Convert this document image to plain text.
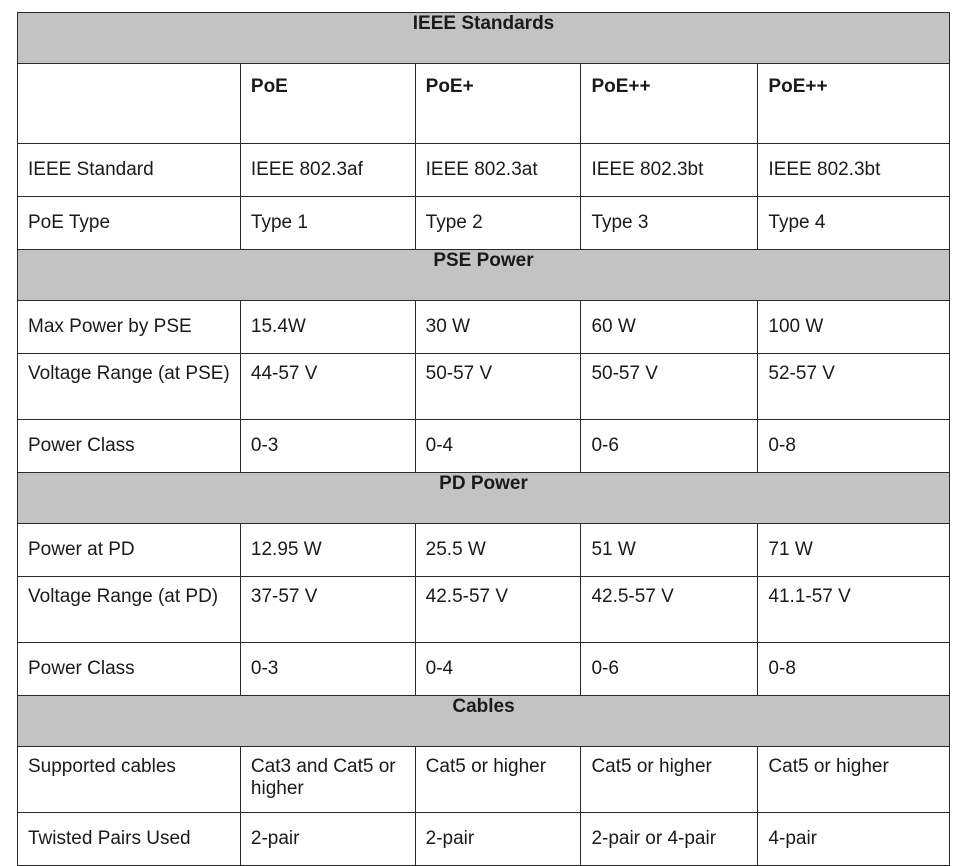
IEEE Standards				
	PoE	PoE+	PoE++	PoE++
IEEE Standard	IEEE 802.3af	IEEE 802.3at	IEEE 802.3bt	IEEE 802.3bt
PoE Type	Type 1	Type 2	Type 3	Type 4
PSE Power				
Max Power by PSE	15.4W	30 W	60 W	100 W
Voltage Range (at PSE)	44-57 V	50-57 V	50-57 V	52-57 V
Power Class	0-3	0-4	0-6	0-8
PD Power				
Power at PD	12.95 W	25.5 W	51 W	71 W
Voltage Range (at PD)	37-57 V	42.5-57 V	42.5-57 V	41.1-57 V
Power Class	0-3	0-4	0-6	0-8
Cables				
Supported cables	Cat3 and Cat5 or higher	Cat5 or higher	Cat5 or higher	Cat5 or higher
Twisted Pairs Used	2-pair	2-pair	2-pair or 4-pair	4-pair
